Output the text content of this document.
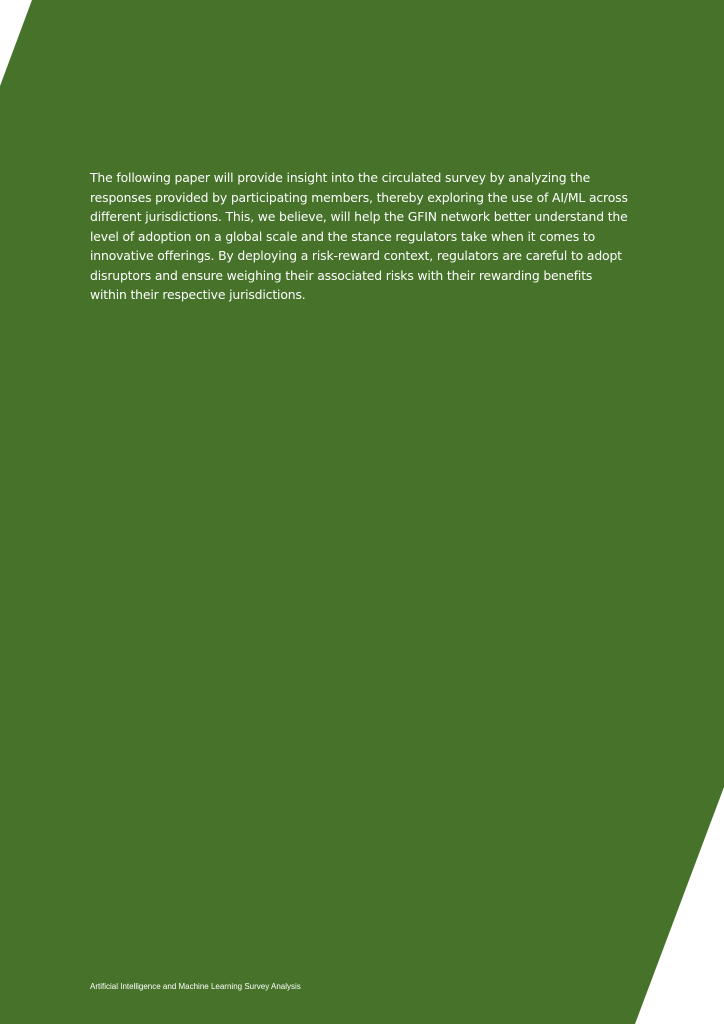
The following paper will provide insight into the circulated survey by analyzing the responses provided by participating members, thereby exploring the use of AI/ML across different jurisdictions. This, we believe, will help the GFIN network better understand the level of adoption on a global scale and the stance regulators take when it comes to innovative offerings. By deploying a risk-reward context, regulators are careful to adopt disruptors and ensure weighing their associated risks with their rewarding benefits within their respective jurisdictions.

Artificial Intelligence and Machine Learning Survey Analysis	4
